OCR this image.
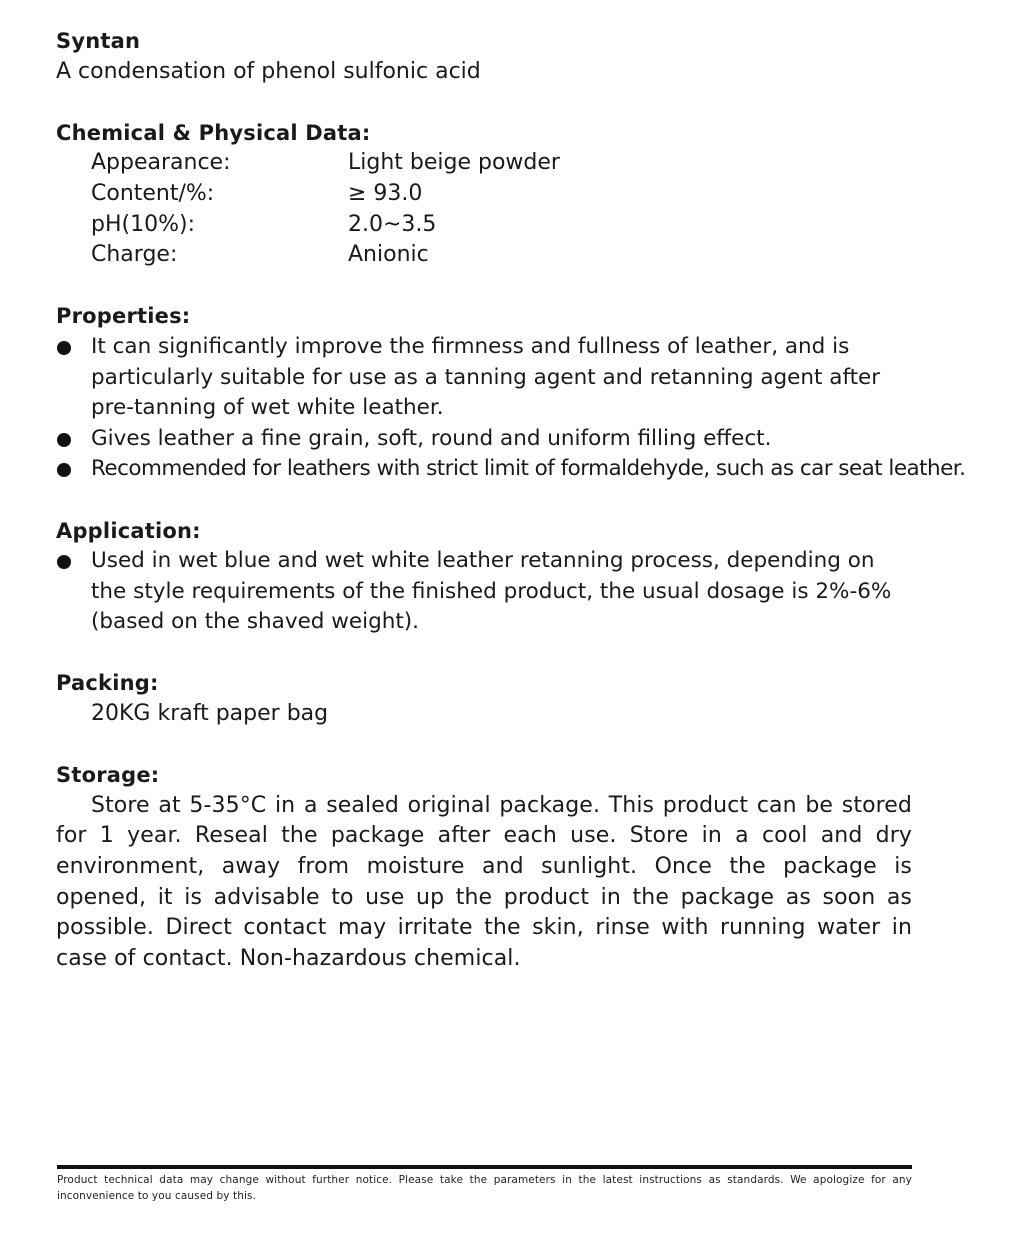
Syntan
A condensation of phenol sulfonic acid
Chemical & Physical Data:
Appearance:	Light beige powder
Content/%:	≥ 93.0
pH(10%):	2.0~3.5
Charge:	Anionic
Properties:
It can significantly improve the firmness and fullness of leather, and is particularly suitable for use as a tanning agent and retanning agent after pre-tanning of wet white leather.
Gives leather a fine grain, soft, round and uniform filling effect.
Recommended for leathers with strict limit of formaldehyde, such as car seat leather.
Application:
Used in wet blue and wet white leather retanning process, depending on the style requirements of the finished product, the usual dosage is 2%-6% (based on the shaved weight).
Packing:
20KG kraft paper bag
Storage:
Store at 5-35°C in a sealed original package. This product can be stored for 1 year. Reseal the package after each use. Store in a cool and dry environment, away from moisture and sunlight. Once the package is opened, it is advisable to use up the product in the package as soon as possible. Direct contact may irritate the skin, rinse with running water in case of contact. Non-hazardous chemical.
Product technical data may change without further notice. Please take the parameters in the latest instructions as standards. We apologize for any inconvenience to you caused by this.
